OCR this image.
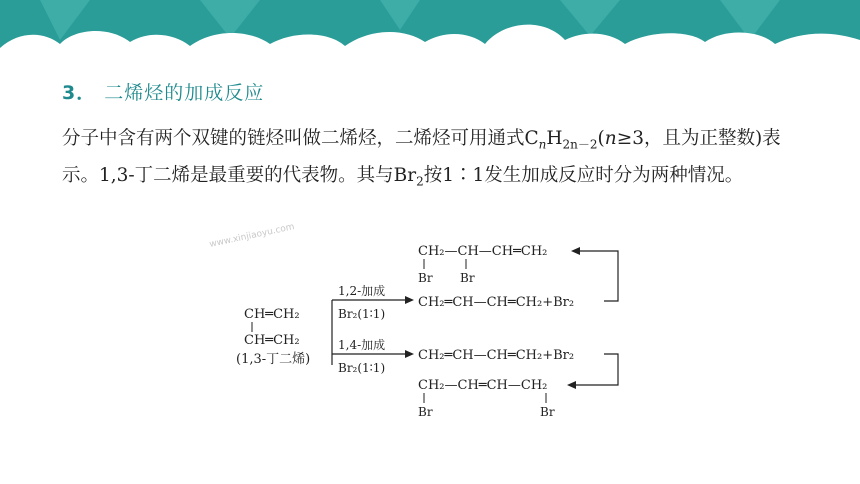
3． 二烯烃的加成反应
分子中含有两个双键的链烃叫做二烯烃，二烯烃可用通式$C_nH_{2n-2}(n\ge 3$，且为正整数)表示。1,3-丁二烯是最重要的代表物。其与$Br_2$按1∶1发生加成反应时分为两种情况。
www.xinjiaoyu.com
CH═CH₂
CH═CH₂
(1,3-丁二烯)
1,2-加成
Br₂(1∶1)
1,4-加成
Br₂(1∶1)
CH₂—CH—CH═CH₂
Br Br
CH₂═CH—CH═CH₂+Br₂
CH₂═CH—CH═CH₂+Br₂
CH₂—CH═CH—CH₂
Br	Br
